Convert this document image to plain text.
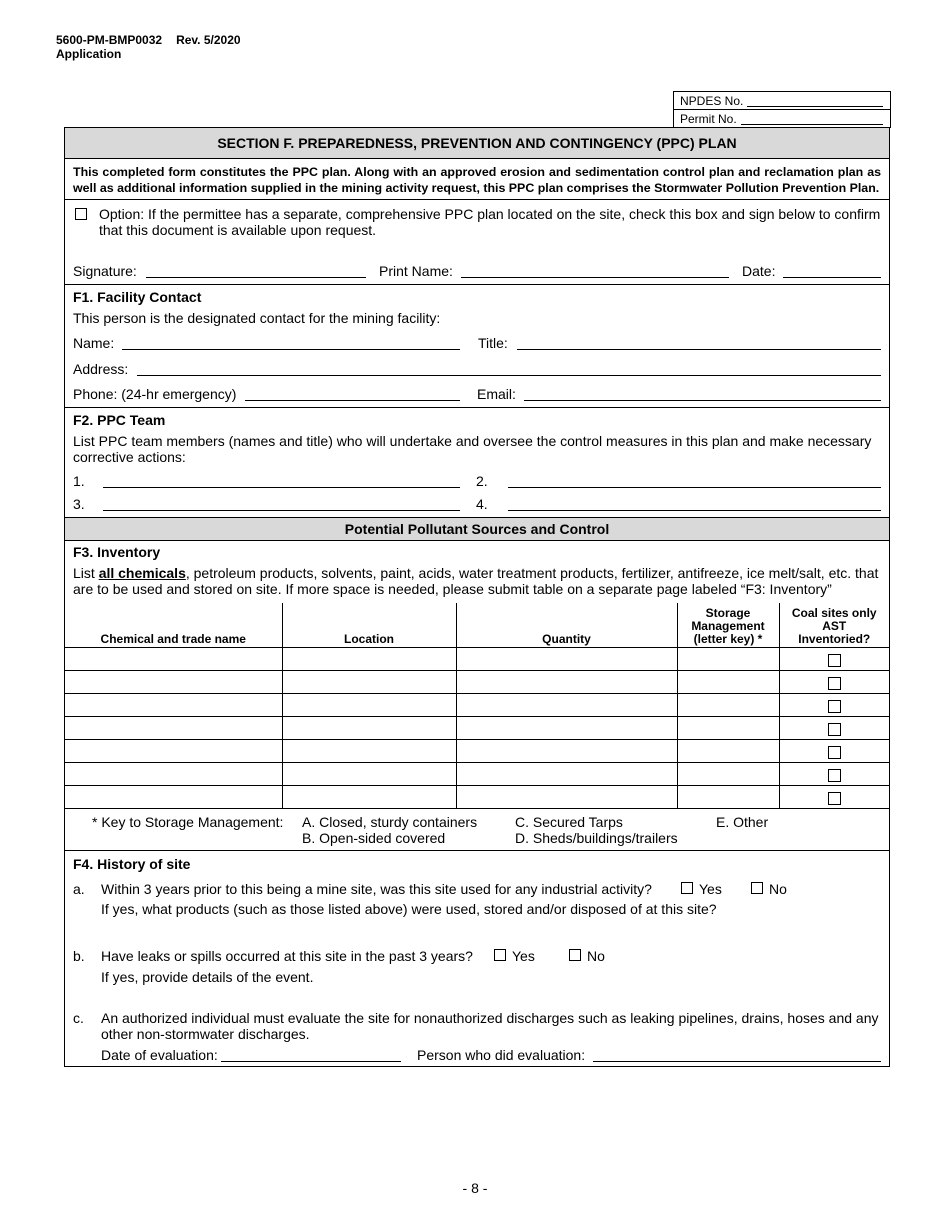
5600-PM-BMP0032 Rev. 5/2020
Application
NPDES No.
Permit No.
SECTION F. PREPAREDNESS, PREVENTION AND CONTINGENCY (PPC) PLAN
This completed form constitutes the PPC plan. Along with an approved erosion and sedimentation control plan and reclamation plan as well as additional information supplied in the mining activity request, this PPC plan comprises the Stormwater Pollution Prevention Plan.
Option: If the permittee has a separate, comprehensive PPC plan located on the site, check this box and sign below to confirm that this document is available upon request.
Signature:	Print Name:	Date:
F1. Facility Contact
This person is the designated contact for the mining facility:
Name:	Title:
Address:
Phone: (24-hr emergency)	Email:
F2. PPC Team
List PPC team members (names and title) who will undertake and oversee the control measures in this plan and make necessary corrective actions:
1.	2.
3.	4.
Potential Pollutant Sources and Control
F3. Inventory
List all chemicals, petroleum products, solvents, paint, acids, water treatment products, fertilizer, antifreeze, ice melt/salt, etc. that are to be used and stored on site. If more space is needed, please submit table on a separate page labeled “F3: Inventory”
Chemical and trade name	Location	Quantity	Storage Management (letter key) *	Coal sites only AST Inventoried?

* Key to Storage Management: A. Closed, sturdy containers
B. Open-sided covered
C. Secured Tarps
D. Sheds/buildings/trailers
E. Other
F4. History of site
a. Within 3 years prior to this being a mine site, was this site used for any industrial activity?	Yes	No
If yes, what products (such as those listed above) were used, stored and/or disposed of at this site?
b. Have leaks or spills occurred at this site in the past 3 years?	Yes	No
If yes, provide details of the event.
c. An authorized individual must evaluate the site for nonauthorized discharges such as leaking pipelines, drains, hoses and any other non-stormwater discharges.
Date of evaluation:	Person who did evaluation:
- 8 -
